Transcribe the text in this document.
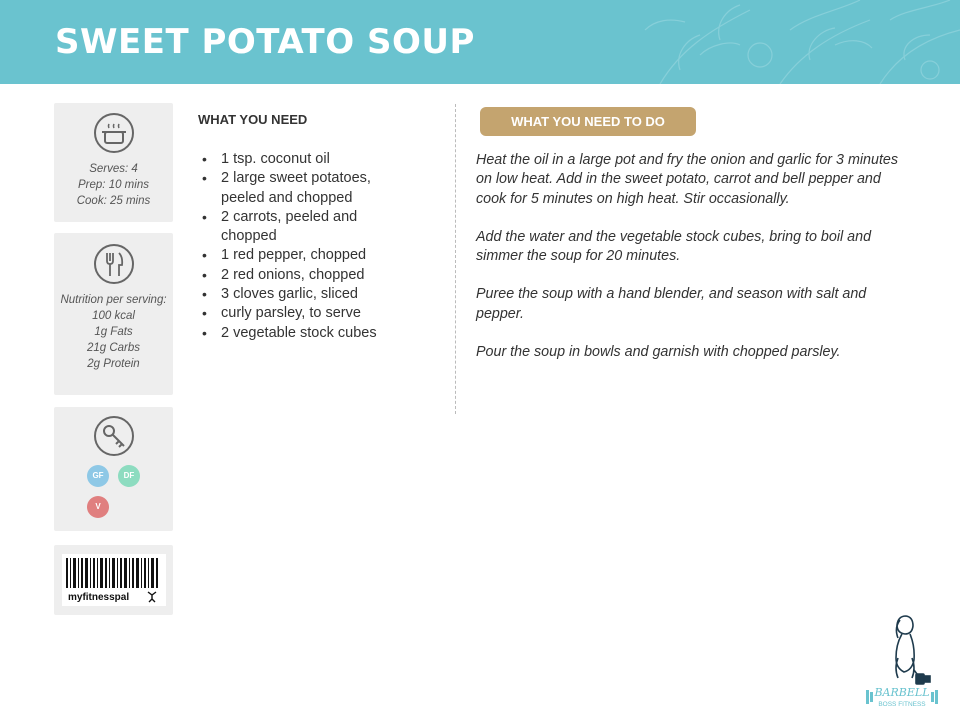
SWEET POTATO SOUP
Serves: 4
Prep: 10 mins
Cook: 25 mins
Nutrition per serving:
100 kcal
1g Fats
21g Carbs
2g Protein
GF	DF
V
myfitnesspal
WHAT YOU NEED
• 1 tsp. coconut oil
• 2 large sweet potatoes, peeled and chopped
• 2 carrots, peeled and chopped
• 1 red pepper, chopped
• 2 red onions, chopped
• 3 cloves garlic, sliced
• curly parsley, to serve
• 2 vegetable stock cubes
WHAT YOU NEED TO DO

Heat the oil in a large pot and fry the onion and garlic for 3 minutes on low heat. Add in the sweet potato, carrot and bell pepper and cook for 5 minutes on high heat. Stir occasionally.

Add the water and the vegetable stock cubes, bring to boil and simmer the soup for 20 minutes.

Puree the soup with a hand blender, and season with salt and pepper.

Pour the soup in bowls and garnish with chopped parsley.

BARBELL
BOSS FITNESS
